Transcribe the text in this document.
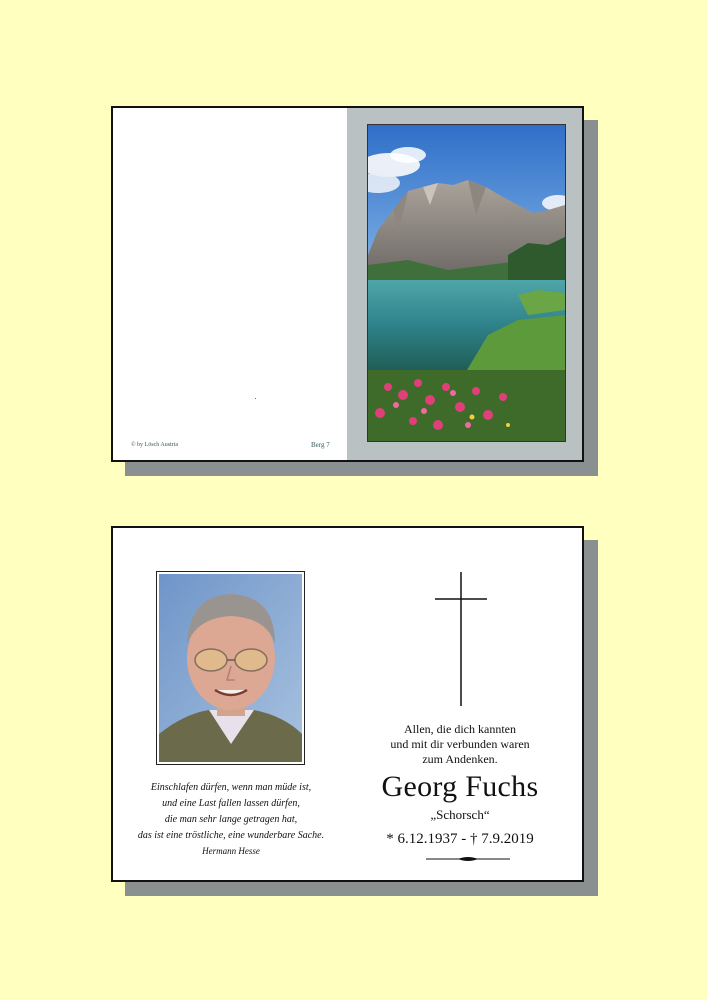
© by Lösch Austria	Berg 7
Einschlafen dürfen, wenn man müde ist,
und eine Last fallen lassen dürfen,
die man sehr lange getragen hat,
das ist eine tröstliche, eine wunderbare Sache.
Hermann Hesse
Allen, die dich kannten
und mit dir verbunden waren
zum Andenken.
Georg Fuchs
„Schorsch“
* 6.12.1937 - † 7.9.2019
